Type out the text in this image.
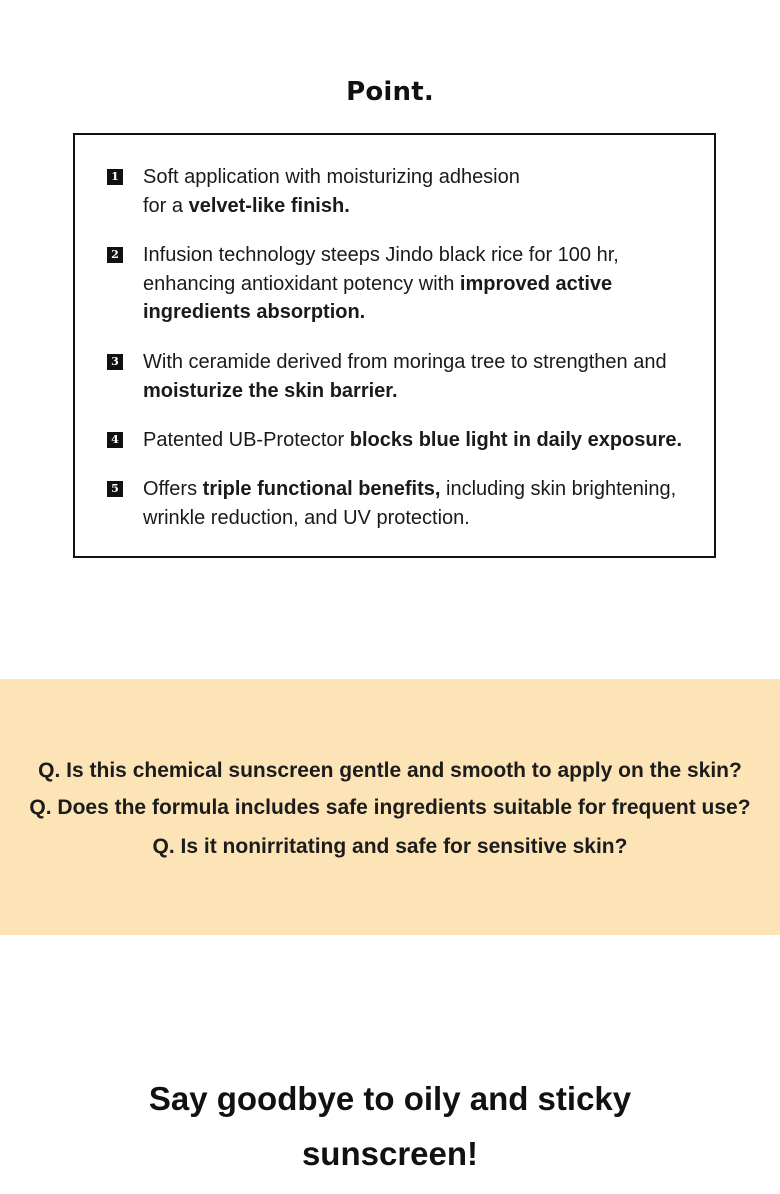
Point.
1 Soft application with moisturizing adhesion
for a velvet-like finish.
2 Infusion technology steeps Jindo black rice for 100 hr,
enhancing antioxidant potency with improved active
ingredients absorption.
3 With ceramide derived from moringa tree to strengthen and
moisturize the skin barrier.
4 Patented UB-Protector blocks blue light in daily exposure.
5 Offers triple functional benefits, including skin brightening,
wrinkle reduction, and UV protection.
Q. Is this chemical sunscreen gentle and smooth to apply on the skin?
Q. Does the formula includes safe ingredients suitable for frequent use?
Q. Is it nonirritating and safe for sensitive skin?
Say goodbye to oily and sticky
sunscreen!
